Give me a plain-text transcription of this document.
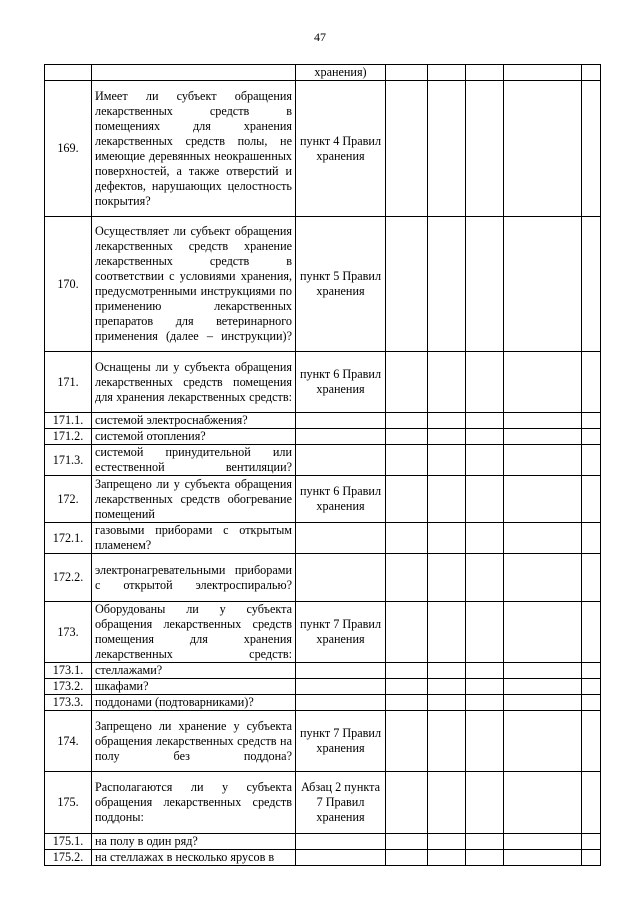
47
		хранения)					
169.	Имеет ли субъект обращения лекарственных средств в помещениях для хранения лекарственных средств полы, не имеющие деревянных неокрашенных поверхностей, а также отверстий и дефектов, нарушающих целостность покрытия?	пункт 4 Правил хранения					
170.	Осуществляет ли субъект обращения лекарственных средств хранение лекарственных средств в соответствии с условиями хранения, предусмотренными инструкциями по применению лекарственных препаратов для ветеринарного применения (далее – инструкции)?	пункт 5 Правил хранения					
171.	Оснащены ли у субъекта обращения лекарственных средств помещения для хранения лекарственных средств:	пункт 6 Правил хранения					
171.1.	системой электроснабжения?						
171.2.	системой отопления?						
171.3.	системой принудительной или естественной вентиляции?						
172.	Запрещено ли у субъекта обращения лекарственных средств обогревание помещений	пункт 6 Правил хранения					
172.1.	газовыми приборами с открытым пламенем?						
172.2.	электронагревательными приборами с открытой электроспиралью?						
173.	Оборудованы ли у субъекта обращения лекарственных средств помещения для хранения лекарственных средств:	пункт 7 Правил хранения					
173.1.	стеллажами?						
173.2.	шкафами?						
173.3.	поддонами (подтоварниками)?						
174.	Запрещено ли хранение у субъекта обращения лекарственных средств на полу без поддона?	пункт 7 Правил хранения					
175.	Располагаются ли у субъекта обращения лекарственных средств поддоны:	Абзац 2 пункта 7 Правил хранения					
175.1.	на полу в один ряд?						
175.2.	на стеллажах в несколько ярусов в						
